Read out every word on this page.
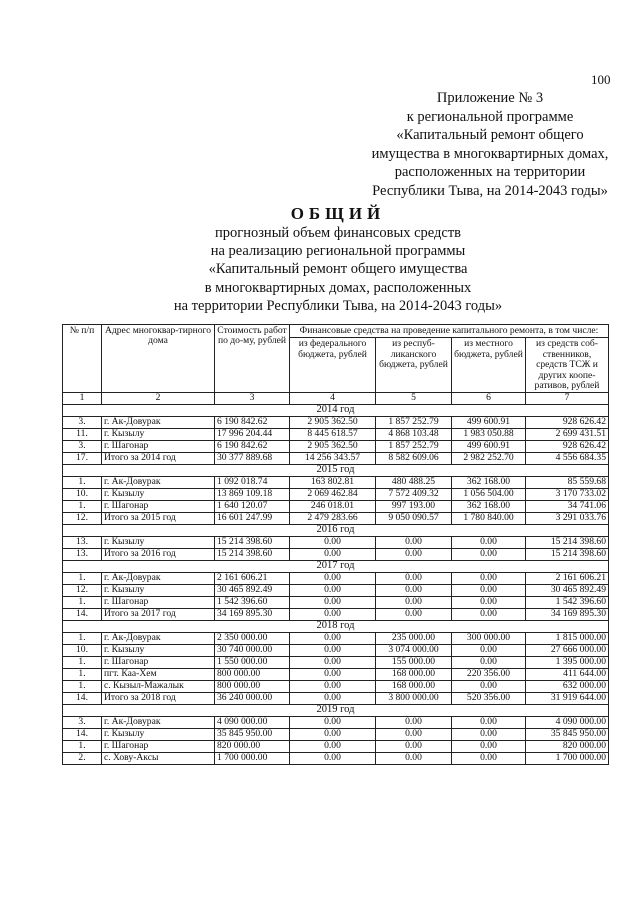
100
Приложение № 3
к региональной программе
«Капитальный ремонт общего
имущества в многоквартирных домах,
расположенных на территории
Республики Тыва, на 2014-2043 годы»
ОБЩИЙ
прогнозный объем финансовых средств
на реализацию региональной программы
«Капитальный ремонт общего имущества
в многоквартирных домах, расположенных
на территории Республики Тыва, на 2014-2043 годы»
№ п/п	Адрес многоквар-тирного дома	Стоимость работ по до-му, рублей	Финансовые средства на проведение капитального ремонта, в том числе:			
			из федерального бюджета, рублей	из респуб-ликанского бюджета, рублей	из местного бюджета, рублей	из средств соб-ственников, средств ТСЖ и других коопе-ративов, рублей
1	2	3	4	5	6	7
2014 год						
3.	г. Ак-Довурак	6 190 842.62	2 905 362.50	1 857 252.79	499 600.91	928 626.42
11.	г. Кызылу	17 996 204.44	8 445 618.57	4 868 103.48	1 983 050.88	2 699 431.51
3.	г. Шагонар	6 190 842.62	2 905 362.50	1 857 252.79	499 600.91	928 626.42
17.	Итого за 2014 год	30 377 889.68	14 256 343.57	8 582 609.06	2 982 252.70	4 556 684.35
2015 год						
1.	г. Ак-Довурак	1 092 018.74	163 802.81	480 488.25	362 168.00	85 559.68
10.	г. Кызылу	13 869 109.18	2 069 462.84	7 572 409.32	1 056 504.00	3 170 733.02
1.	г. Шагонар	1 640 120.07	246 018.01	997 193.00	362 168.00	34 741.06
12.	Итого за 2015 год	16 601 247.99	2 479 283.66	9 050 090.57	1 780 840.00	3 291 033.76
2016 год						
13.	г. Кызылу	15 214 398.60	0.00	0.00	0.00	15 214 398.60
13.	Итого за 2016 год	15 214 398.60	0.00	0.00	0.00	15 214 398.60
2017 год						
1.	г. Ак-Довурак	2 161 606.21	0.00	0.00	0.00	2 161 606.21
12.	г. Кызылу	30 465 892.49	0.00	0.00	0.00	30 465 892.49
1.	г. Шагонар	1 542 396.60	0.00	0.00	0.00	1 542 396.60
14.	Итого за 2017 год	34 169 895.30	0.00	0.00	0.00	34 169 895.30
2018 год						
1.	г. Ак-Довурак	2 350 000.00	0.00	235 000.00	300 000.00	1 815 000.00
10.	г. Кызылу	30 740 000.00	0.00	3 074 000.00	0.00	27 666 000.00
1.	г. Шагонар	1 550 000.00	0.00	155 000.00	0.00	1 395 000.00
1.	пгт. Каа-Хем	800 000.00	0.00	168 000.00	220 356.00	411 644.00
1.	с. Кызыл-Мажалык	800 000.00	0.00	168 000.00	0.00	632 000.00
14.	Итого за 2018 год	36 240 000.00	0.00	3 800 000.00	520 356.00	31 919 644.00
2019 год						
3.	г. Ак-Довурак	4 090 000.00	0.00	0.00	0.00	4 090 000.00
14.	г. Кызылу	35 845 950.00	0.00	0.00	0.00	35 845 950.00
1.	г. Шагонар	820 000.00	0.00	0.00	0.00	820 000.00
2.	с. Хову-Аксы	1 700 000.00	0.00	0.00	0.00	1 700 000.00
